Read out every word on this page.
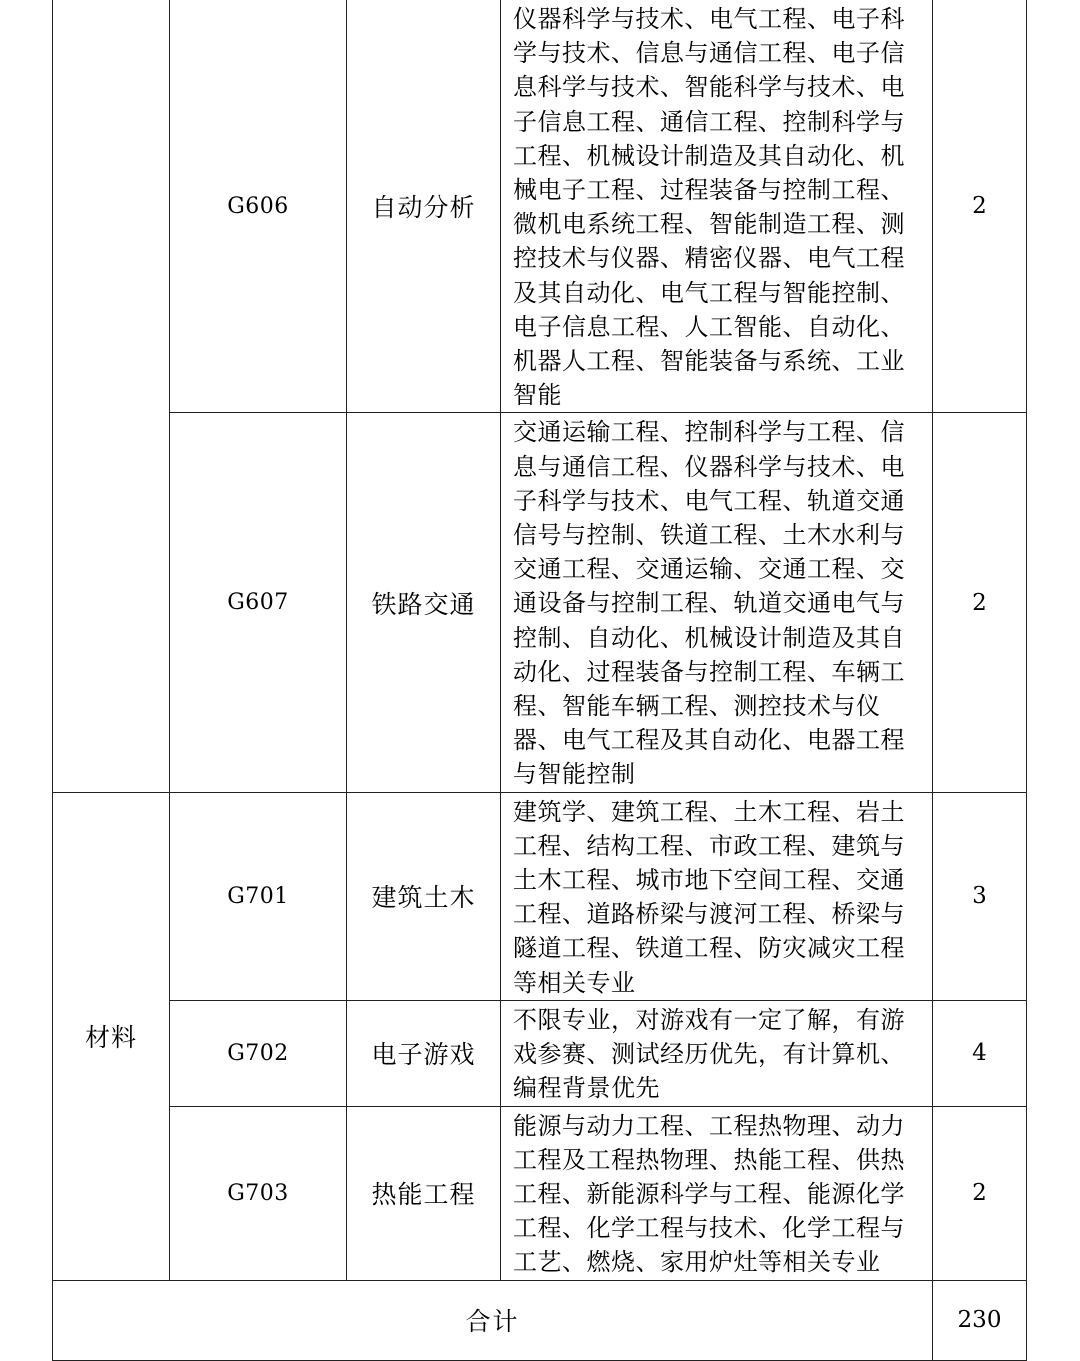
	G606	自动分析	仪器科学与技术、电气工程、电子科学与技术、信息与通信工程、电子信息科学与技术、智能科学与技术、电子信息工程、通信工程、控制科学与工程、机械设计制造及其自动化、机械电子工程、过程装备与控制工程、微机电系统工程、智能制造工程、测控技术与仪器、精密仪器、电气工程及其自动化、电气工程与智能控制、电子信息工程、人工智能、自动化、机器人工程、智能装备与系统、工业智能	2
	G607	铁路交通	交通运输工程、控制科学与工程、信息与通信工程、仪器科学与技术、电子科学与技术、电气工程、轨道交通信号与控制、铁道工程、土木水利与交通工程、交通运输、交通工程、交通设备与控制工程、轨道交通电气与控制、自动化、机械设计制造及其自动化、过程装备与控制工程、车辆工程、智能车辆工程、测控技术与仪器、电气工程及其自动化、电器工程与智能控制	2
材料	G701	建筑土木	建筑学、建筑工程、土木工程、岩土工程、结构工程、市政工程、建筑与土木工程、城市地下空间工程、交通工程、道路桥梁与渡河工程、桥梁与隧道工程、铁道工程、防灾减灾工程等相关专业	3
	G702	电子游戏	不限专业，对游戏有一定了解，有游戏参赛、测试经历优先，有计算机、编程背景优先	4
	G703	热能工程	能源与动力工程、工程热物理、动力工程及工程热物理、热能工程、供热工程、新能源科学与工程、能源化学工程、化学工程与技术、化学工程与工艺、燃烧、家用炉灶等相关专业	2
合计				230
